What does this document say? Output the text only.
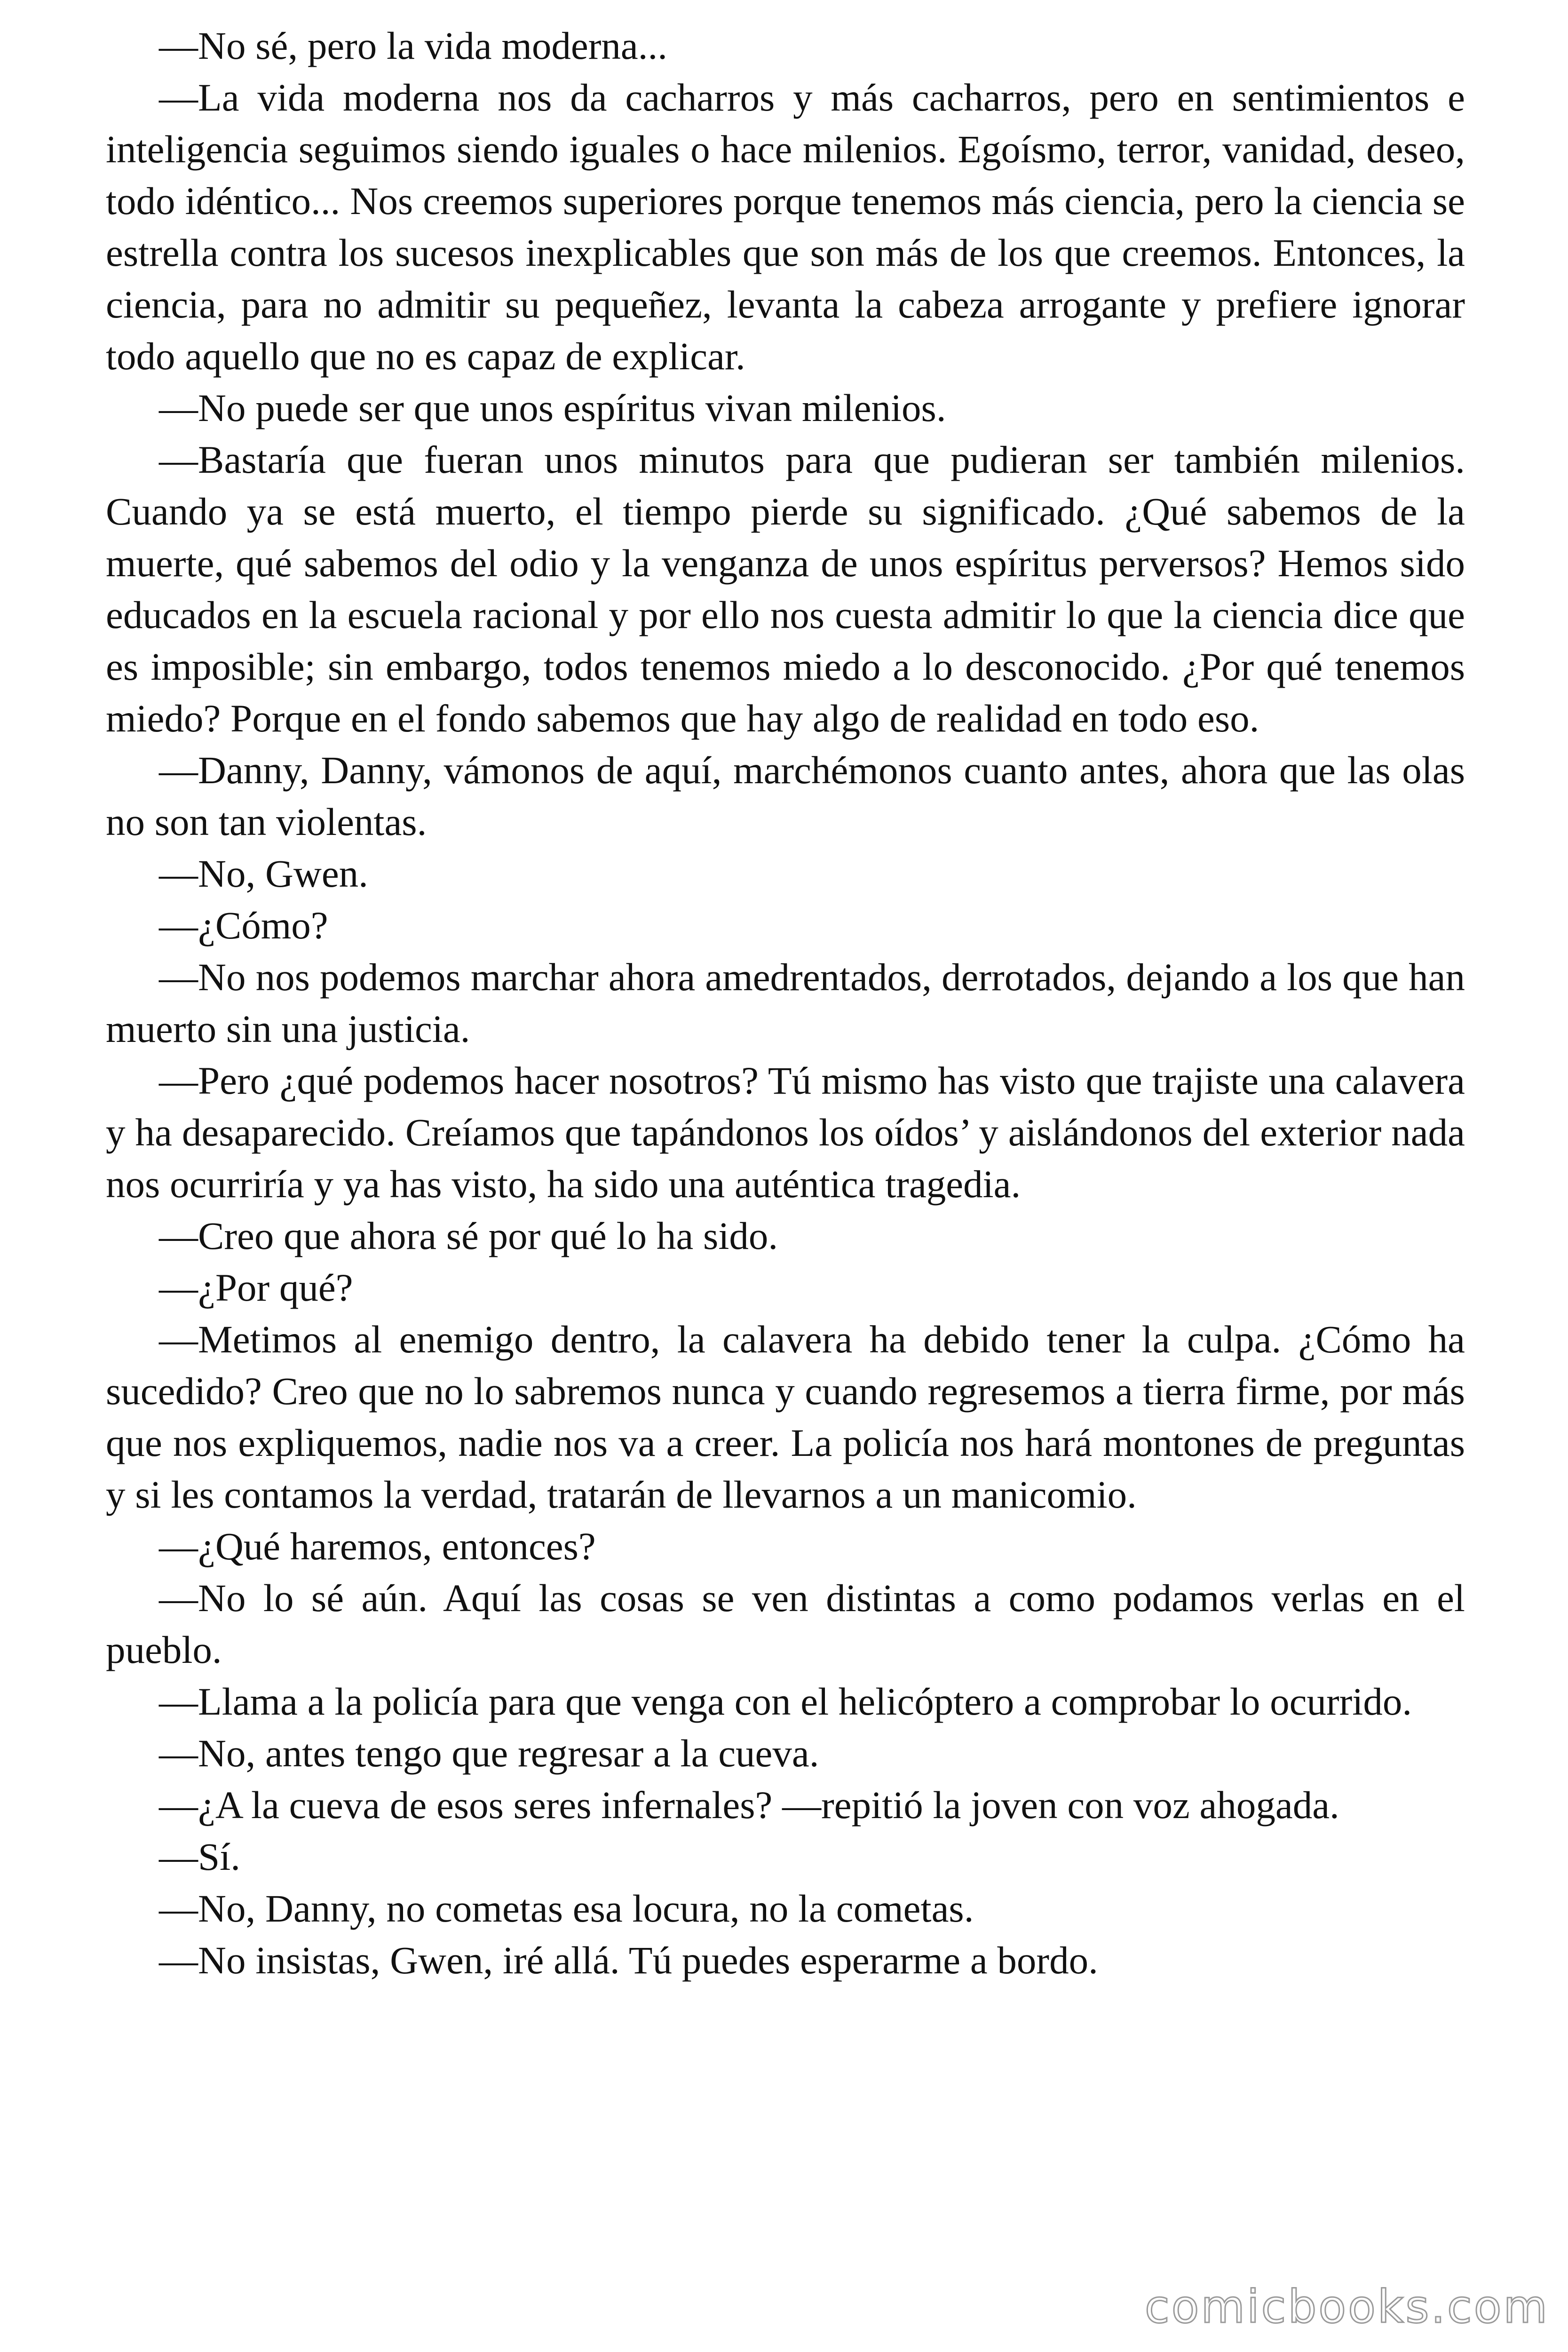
—No sé, pero la vida moderna...

—La vida moderna nos da cacharros y más cacharros, pero en sentimientos e inteligencia seguimos siendo iguales o hace milenios. Egoísmo, terror, vanidad, deseo, todo idéntico... Nos creemos superiores porque tenemos más ciencia, pero la ciencia se estrella contra los sucesos inexplicables que son más de los que creemos. Entonces, la ciencia, para no admitir su pequeñez, levanta la cabeza arrogante y prefiere ignorar todo aquello que no es capaz de explicar.

—No puede ser que unos espíritus vivan milenios.

—Bastaría que fueran unos minutos para que pudieran ser también milenios. Cuando ya se está muerto, el tiempo pierde su significado. ¿Qué sabemos de la muerte, qué sabemos del odio y la venganza de unos espíritus perversos? Hemos sido educados en la escuela racional y por ello nos cuesta admitir lo que la ciencia dice que es imposible; sin embargo, todos tenemos miedo a lo desconocido. ¿Por qué tenemos miedo? Porque en el fondo sabemos que hay algo de realidad en todo eso.

—Danny, Danny, vámonos de aquí, marchémonos cuanto antes, ahora que las olas no son tan violentas.

—No, Gwen.

—¿Cómo?

—No nos podemos marchar ahora amedrentados, derrotados, dejando a los que han muerto sin una justicia.

—Pero ¿qué podemos hacer nosotros? Tú mismo has visto que trajiste una calavera y ha desaparecido. Creíamos que tapándonos los oídos’ y aislándonos del exterior nada nos ocurriría y ya has visto, ha sido una auténtica tragedia.

—Creo que ahora sé por qué lo ha sido.

—¿Por qué?

—Metimos al enemigo dentro, la calavera ha debido tener la culpa. ¿Cómo ha sucedido? Creo que no lo sabremos nunca y cuando regresemos a tierra firme, por más que nos expliquemos, nadie nos va a creer. La policía nos hará montones de preguntas y si les contamos la verdad, tratarán de llevarnos a un manicomio.

—¿Qué haremos, entonces?

—No lo sé aún. Aquí las cosas se ven distintas a como podamos verlas en el pueblo.

—Llama a la policía para que venga con el helicóptero a comprobar lo ocurrido.

—No, antes tengo que regresar a la cueva.

—¿A la cueva de esos seres infernales? —repitió la joven con voz ahogada.

—Sí.

—No, Danny, no cometas esa locura, no la cometas.

—No insistas, Gwen, iré allá. Tú puedes esperarme a bordo.

comicbooks.com
